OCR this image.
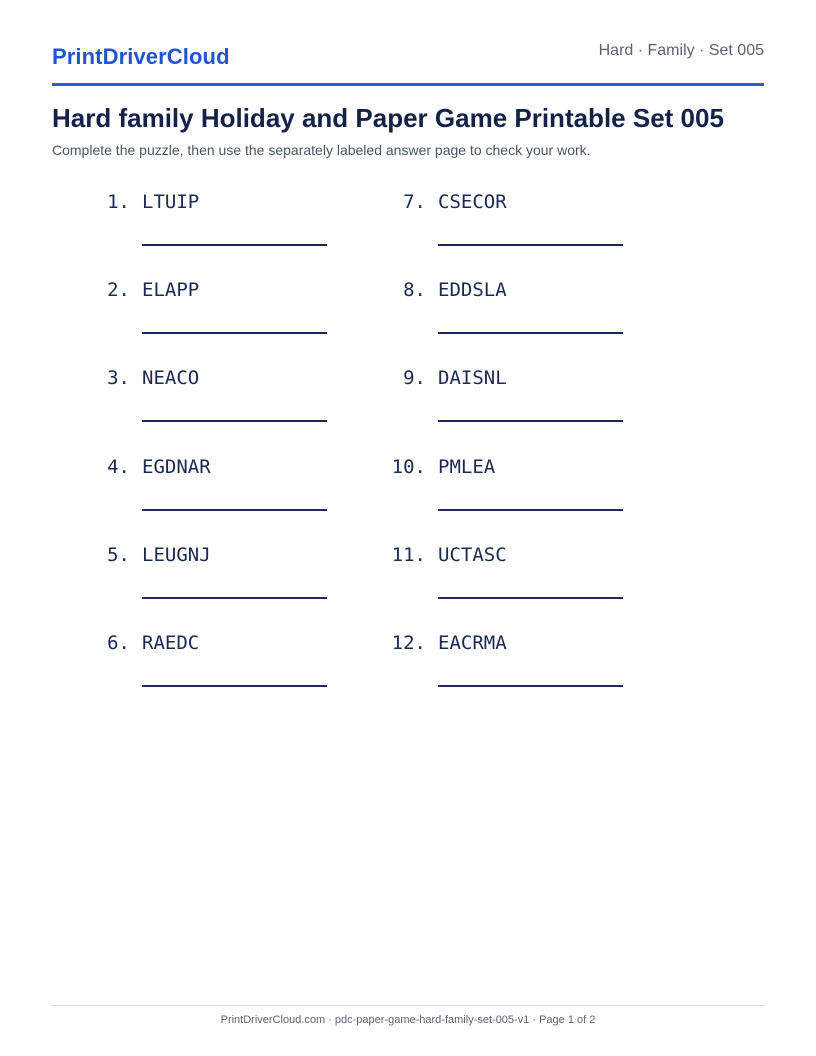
PrintDriverCloud	Hard · Family · Set 005
Hard family Holiday and Paper Game Printable Set 005
Complete the puzzle, then use the separately labeled answer page to check your work.
1. LTUIP
2. ELAPP
3. NEACO
4. EGDNAR
5. LEUGNJ
6. RAEDC
7. CSECOR
8. EDDSLA
9. DAISNL
10. PMLEA
11. UCTASC
12. EACRMA
PrintDriverCloud.com · pdc-paper-game-hard-family-set-005-v1 · Page 1 of 2
